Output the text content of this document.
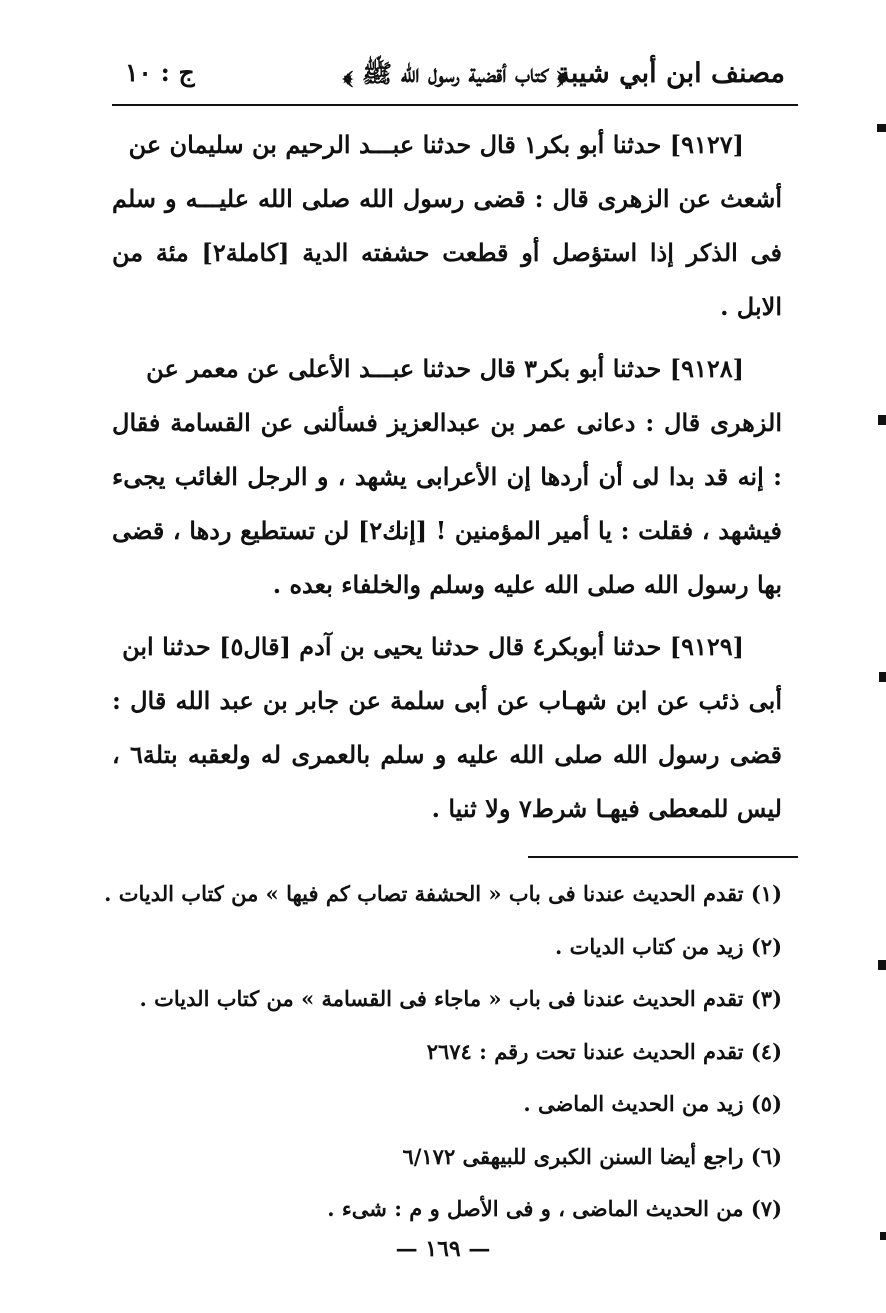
مصنف ابن أبي شيبة
﴿ كتاب أقضية رسول الله ﷺ ﴾
ج : ١٠

[٩١٢٧] حدثنا أبو بكر١ قال حدثنا عبـــد الرحيم بن سليمان عن
أشعث عن الزهرى قال : قضى رسول الله صلى الله عليـــه و سلم فى الذكر إذا استؤصل أو قطعت حشفته الدية [كاملة٢] مئة من الابل .

[٩١٢٨] حدثنا أبو بكر٣ قال حدثنا عبـــد الأعلى عن معمر عن
الزهرى قال : دعانى عمر بن عبدالعزيز فسألنى عن القسامة فقال : إنه قد بدا لى أن أردها إن الأعرابى يشهد ، و الرجل الغائب يجىء فيشهد ، فقلت : يا أمير المؤمنين ! [إنك٢] لن تستطيع ردها ، قضى بها رسول الله صلى الله عليه وسلم والخلفاء بعده .

[٩١٢٩] حدثنا أبوبكر٤ قال حدثنا يحيى بن آدم [قال٥] حدثنا ابن
أبى ذئب عن ابن شهـاب عن أبى سلمة عن جابر بن عبد الله قال : قضى رسول الله صلى الله عليه و سلم بالعمرى له ولعقبه بتلة٦ ، ليس للمعطى فيهـا شرط٧ ولا ثنيا .

(١) تقدم الحديث عندنا فى باب « الحشفة تصاب كم فيها » من كتاب الديات .
(٢) زيد من كتاب الديات .
(٣) تقدم الحديث عندنا فى باب « ماجاء فى القسامة » من كتاب الديات .
(٤) تقدم الحديث عندنا تحت رقم : ٢٦٧٤
(٥) زيد من الحديث الماضى .
(٦) راجع أيضا السنن الكبرى للبيهقى ٦/١٧٢
(٧) من الحديث الماضى ، و فى الأصل و م : شىء .
— ١٦٩ —
